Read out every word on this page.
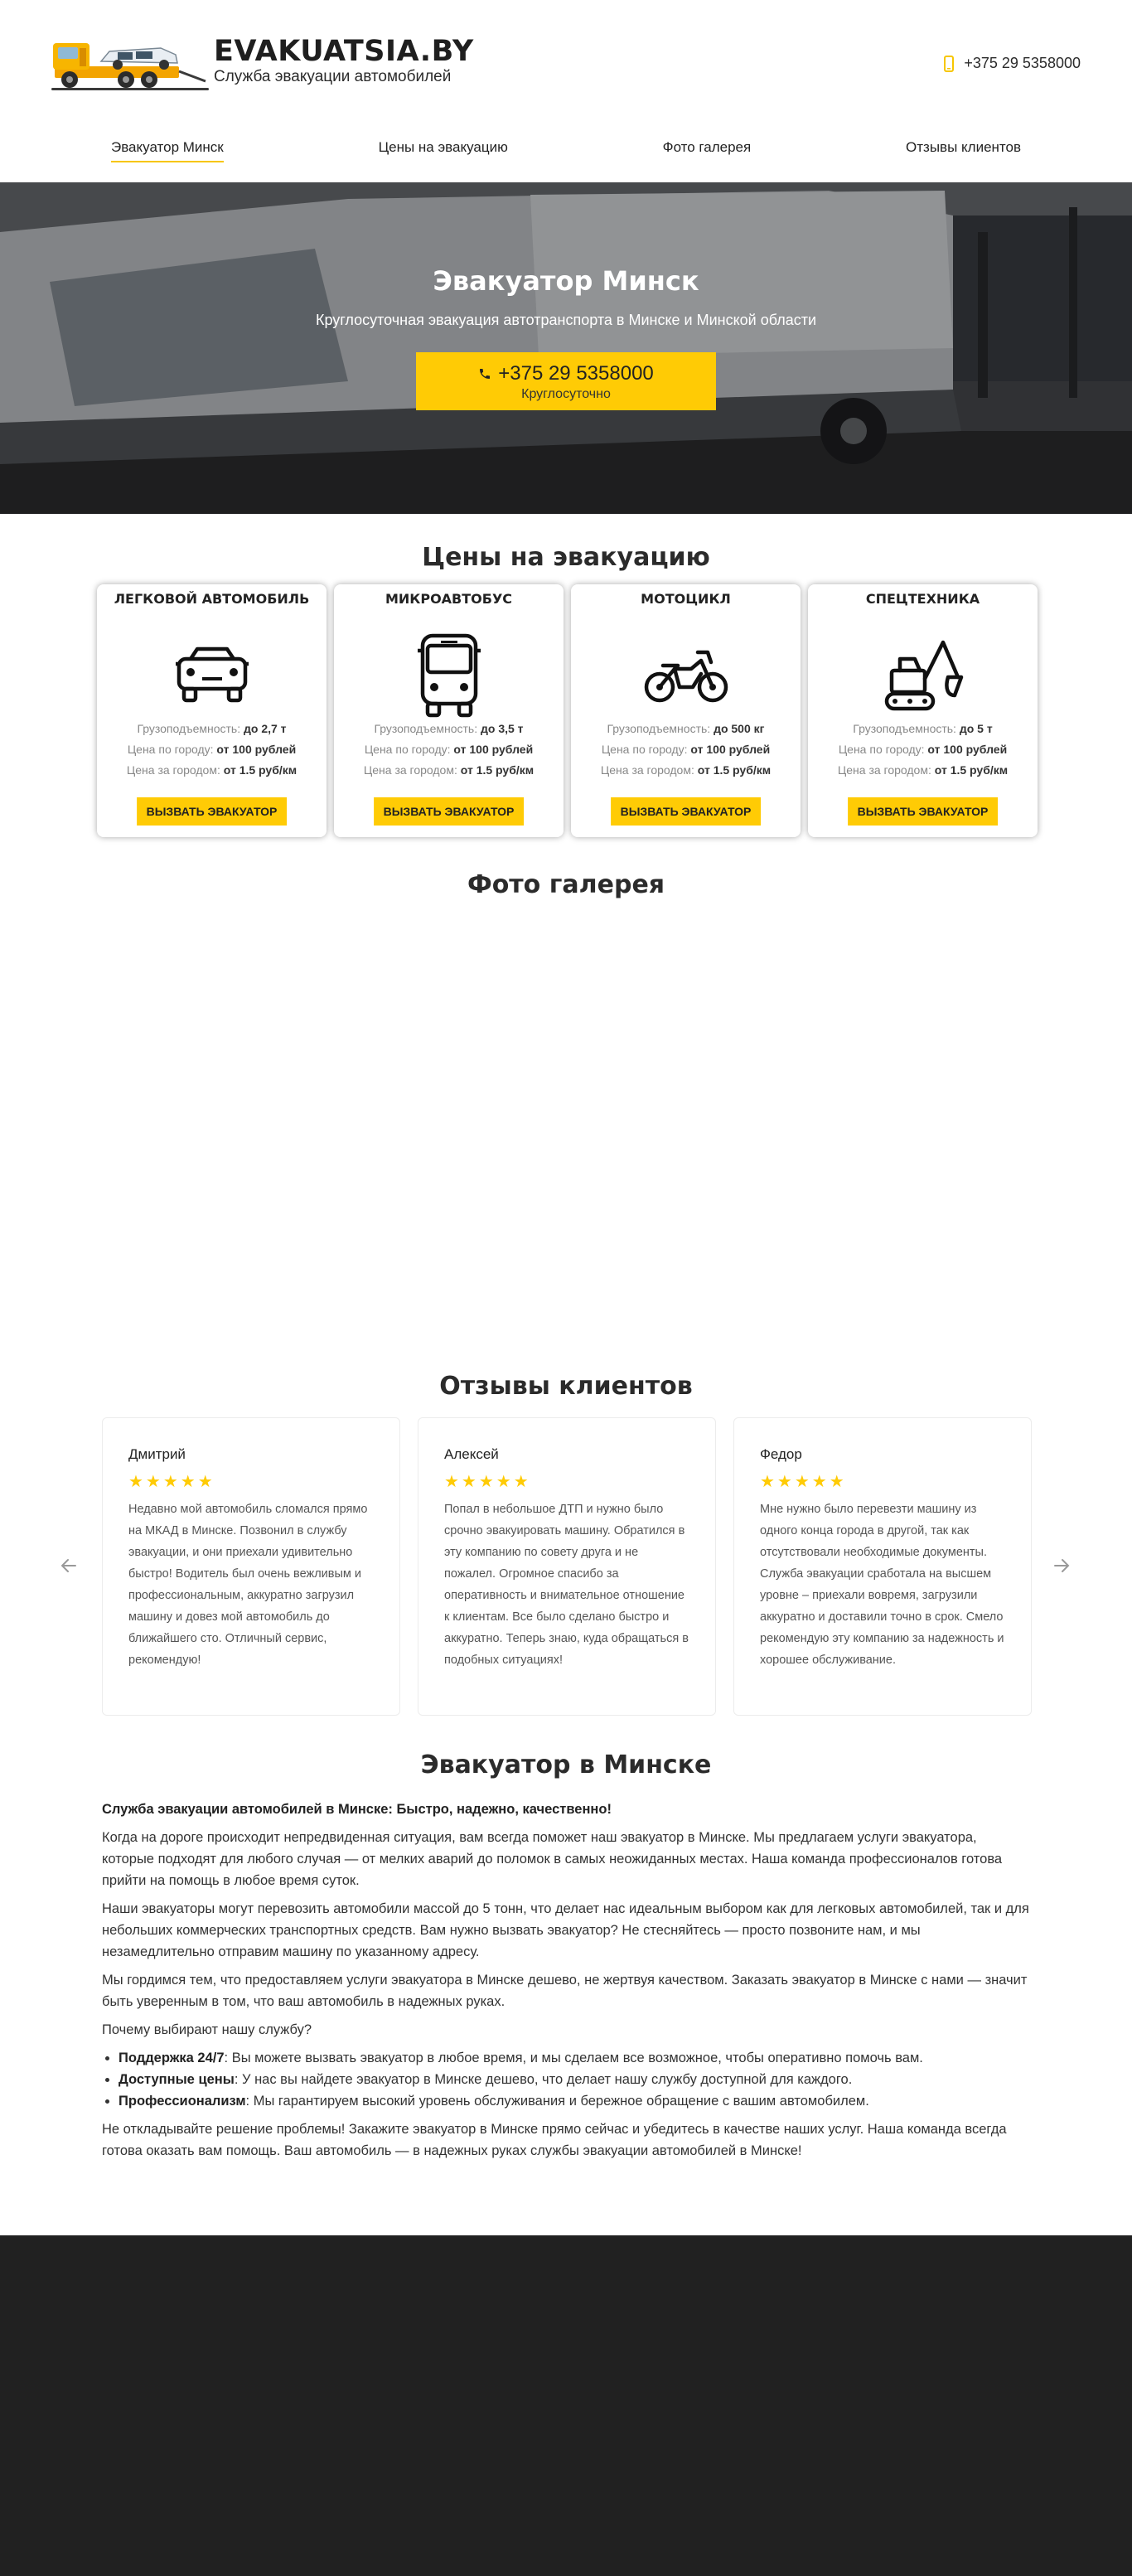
EVAKUATSIA.BY
Служба эвакуации автомобилей
+375 29 5358000
Эвакуатор Минск	Цены на эвакуацию	Фото галерея	Отзывы клиентов
Эвакуатор Минск

Круглосуточная эвакуация автотранспорта в Минске и Минской области

+375 29 5358000
Круглосуточно
Цены на эвакуацию
ЛЕГКОВОЙ АВТОМОБИЛЬ
Грузоподъемность: до 2,7 т
Цена по городу: от 100 рублей
Цена за городом: от 1.5 руб/км
ВЫЗВАТЬ ЭВАКУАТОР
МИКРОАВТОБУС
Грузоподъемность: до 3,5 т
Цена по городу: от 100 рублей
Цена за городом: от 1.5 руб/км
ВЫЗВАТЬ ЭВАКУАТОР
МОТОЦИКЛ
Грузоподъемность: до 500 кг
Цена по городу: от 100 рублей
Цена за городом: от 1.5 руб/км
ВЫЗВАТЬ ЭВАКУАТОР
СПЕЦТЕХНИКА
Грузоподъемность: до 5 т
Цена по городу: от 100 рублей
Цена за городом: от 1.5 руб/км
ВЫЗВАТЬ ЭВАКУАТОР
Фото галерея
Отзывы клиентов
Дмитрий
★★★★★
Недавно мой автомобиль сломался прямо на МКАД в Минске. Позвонил в службу эвакуации, и они приехали удивительно быстро! Водитель был очень вежливым и профессиональным, аккуратно загрузил машину и довез мой автомобиль до ближайшего сто. Отличный сервис, рекомендую!
Алексей
★★★★★
Попал в небольшое ДТП и нужно было срочно эвакуировать машину. Обратился в эту компанию по совету друга и не пожалел. Огромное спасибо за оперативность и внимательное отношение к клиентам. Все было сделано быстро и аккуратно. Теперь знаю, куда обращаться в подобных ситуациях!
Федор
★★★★★
Мне нужно было перевезти машину из одного конца города в другой, так как отсутствовали необходимые документы. Служба эвакуации сработала на высшем уровне – приехали вовремя, загрузили аккуратно и доставили точно в срок. Смело рекомендую эту компанию за надежность и хорошее обслуживание.
Эвакуатор в Минске

Служба эвакуации автомобилей в Минске: Быстро, надежно, качественно!

Когда на дороге происходит непредвиденная ситуация, вам всегда поможет наш эвакуатор в Минске. Мы предлагаем услуги эвакуатора, которые подходят для любого случая — от мелких аварий до поломок в самых неожиданных местах. Наша команда профессионалов готова прийти на помощь в любое время суток.

Наши эвакуаторы могут перевозить автомобили массой до 5 тонн, что делает нас идеальным выбором как для легковых автомобилей, так и для небольших коммерческих транспортных средств. Вам нужно вызвать эвакуатор? Не стесняйтесь — просто позвоните нам, и мы незамедлительно отправим машину по указанному адресу.

Мы гордимся тем, что предоставляем услуги эвакуатора в Минске дешево, не жертвуя качеством. Заказать эвакуатор в Минске с нами — значит быть уверенным в том, что ваш автомобиль в надежных руках.

Почему выбирают нашу службу?

• Поддержка 24/7: Вы можете вызвать эвакуатор в любое время, и мы сделаем все возможное, чтобы оперативно помочь вам.
• Доступные цены: У нас вы найдете эвакуатор в Минске дешево, что делает нашу службу доступной для каждого.
• Профессионализм: Мы гарантируем высокий уровень обслуживания и бережное обращение с вашим автомобилем.

Не откладывайте решение проблемы! Закажите эвакуатор в Минске прямо сейчас и убедитесь в качестве наших услуг. Наша команда всегда готова оказать вам помощь. Ваш автомобиль — в надежных руках службы эвакуации автомобилей в Минске!
